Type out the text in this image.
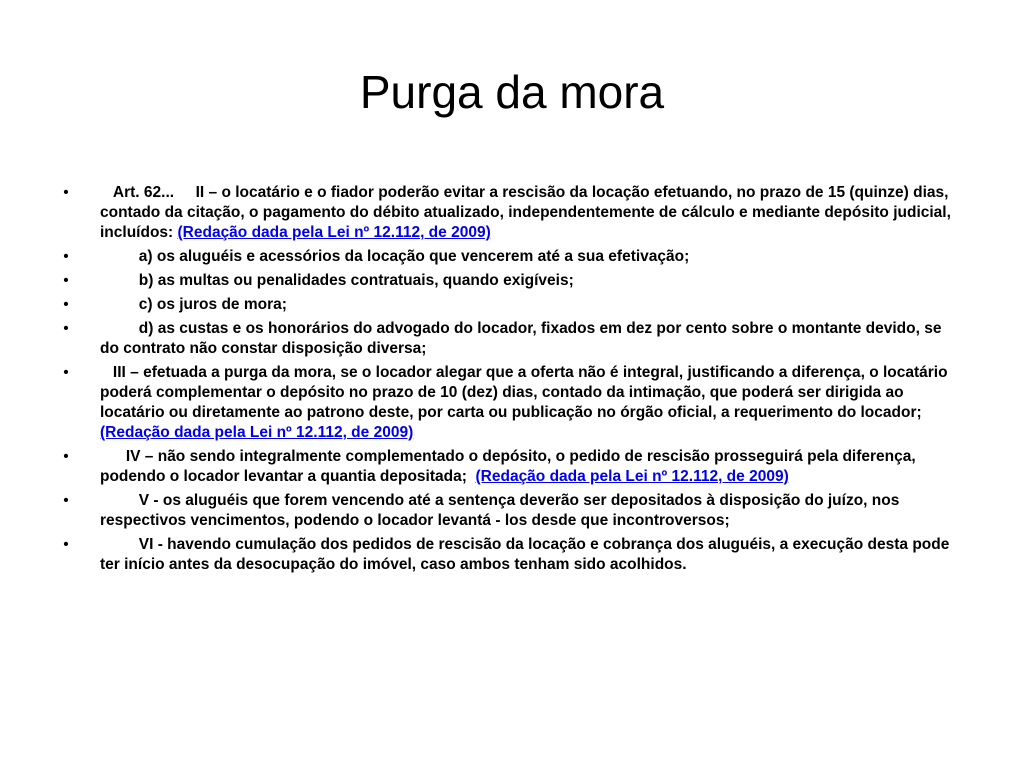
Purga da mora
•	Art. 62...     II – o locatário e o fiador poderão evitar a rescisão da locação efetuando, no prazo de 15 (quinze) dias, contado da citação, o pagamento do débito atualizado, independentemente de cálculo e mediante depósito judicial, incluídos: (Redação dada pela Lei nº 12.112, de 2009)
•	a) os aluguéis e acessórios da locação que vencerem até a sua efetivação;
•	b) as multas ou penalidades contratuais, quando exigíveis;
•	c) os juros de mora;
•	d) as custas e os honorários do advogado do locador, fixados em dez por cento sobre o montante devido, se do contrato não constar disposição diversa;
•	III – efetuada a purga da mora, se o locador alegar que a oferta não é integral, justificando a diferença, o locatário poderá complementar o depósito no prazo de 10 (dez) dias, contado da intimação, que poderá ser dirigida ao locatário ou diretamente ao patrono deste, por carta ou publicação no órgão oficial, a requerimento do locador; (Redação dada pela Lei nº 12.112, de 2009)
•	IV – não sendo integralmente complementado o depósito, o pedido de rescisão prosseguirá pela diferença, podendo o locador levantar a quantia depositada;  (Redação dada pela Lei nº 12.112, de 2009)
•	V - os aluguéis que forem vencendo até a sentença deverão ser depositados à disposição do juízo, nos respectivos vencimentos, podendo o locador levantá - los desde que incontroversos;
•	VI - havendo cumulação dos pedidos de rescisão da locação e cobrança dos aluguéis, a execução desta pode ter início antes da desocupação do imóvel, caso ambos tenham sido acolhidos.
